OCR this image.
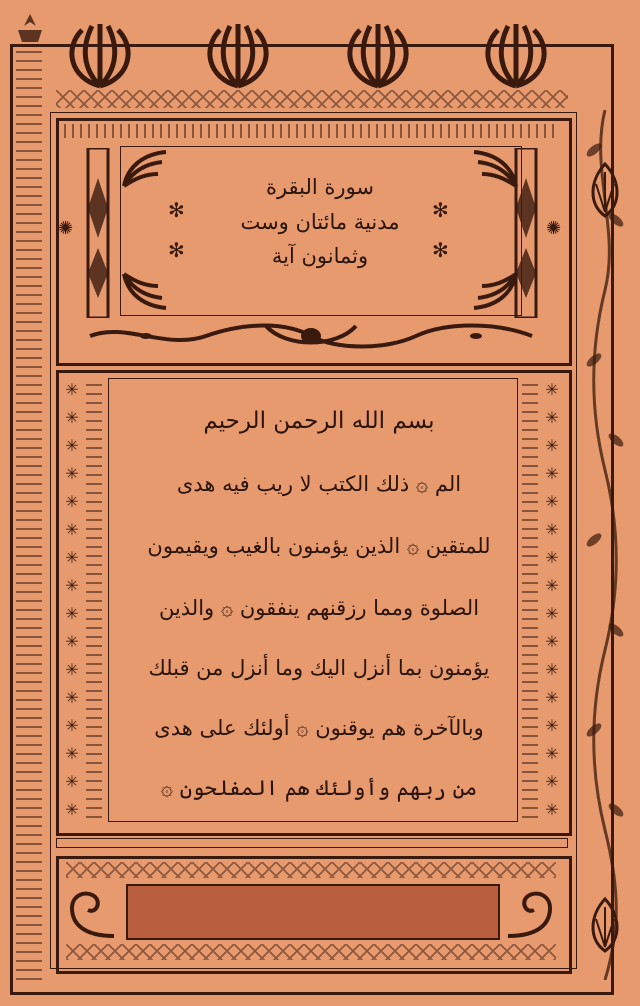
✻
✻
✻
✻
✺	✺
سورة البقرة
مدنية مائتان وست
وثمانون آية
✳
✳
✳
✳
✳
✳
✳
✳
✳
✳
✳
✳
✳
✳
✳
✳
✳
✳
✳
✳
✳
✳
✳
✳
✳
✳
✳
✳
✳
✳
✳
✳
بسم الله الرحمن الرحيم
الم ۞ ذلك الكتب لا ريب فيه هدى
للمتقين ۞ الذين يؤمنون بالغيب ويقيمون
الصلوة ومما رزقنهم ينفقون ۞ والذين
يؤمنون بما أنزل اليك وما أنزل من قبلك
وبالآخرة هم يوقنون ۞ أولئك على هدى
من ربهم وأولئك هم المفلحون ۞
